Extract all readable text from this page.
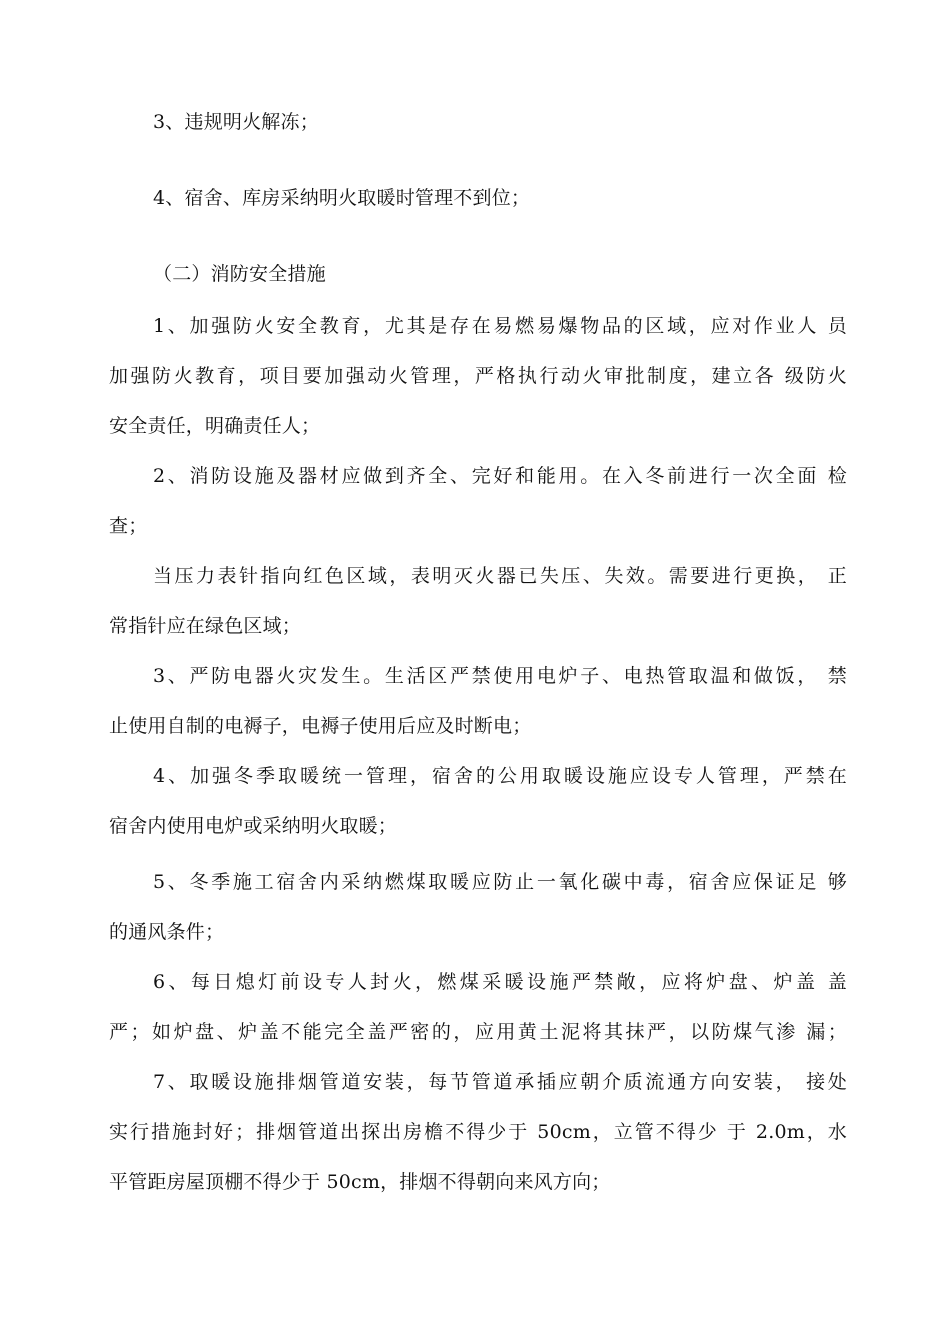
3、违规明火解冻；
4、宿舍、库房采纳明火取暖时管理不到位；
（二）消防安全措施
1、加强防火安全教育，尤其是存在易燃易爆物品的区域，应对作业人 员
加强防火教育，项目要加强动火管理，严格执行动火审批制度，建立各 级防火
安全责任，明确责任人；
2、消防设施及器材应做到齐全、完好和能用。在入冬前进行一次全面 检
查；
当压力表针指向红色区域，表明灭火器已失压、失效。需要进行更换， 正
常指针应在绿色区域；
3、严防电器火灾发生。生活区严禁使用电炉子、电热管取温和做饭， 禁
止使用自制的电褥子，电褥子使用后应及时断电；
4、加强冬季取暖统一管理，宿舍的公用取暖设施应设专人管理，严禁在
宿舍内使用电炉或采纳明火取暖；
5、冬季施工宿舍内采纳燃煤取暖应防止一氧化碳中毒，宿舍应保证足 够
的通风条件；
6、每日熄灯前设专人封火，燃煤采暖设施严禁敞，应将炉盘、炉盖 盖
严；如炉盘、炉盖不能完全盖严密的，应用黄土泥将其抹严，以防煤气渗 漏；
7、取暖设施排烟管道安装，每节管道承插应朝介质流通方向安装， 接处
实行措施封好；排烟管道出探出房檐不得少于 50cm，立管不得少 于 2.0m，水
平管距房屋顶棚不得少于 50cm，排烟不得朝向来风方向；
